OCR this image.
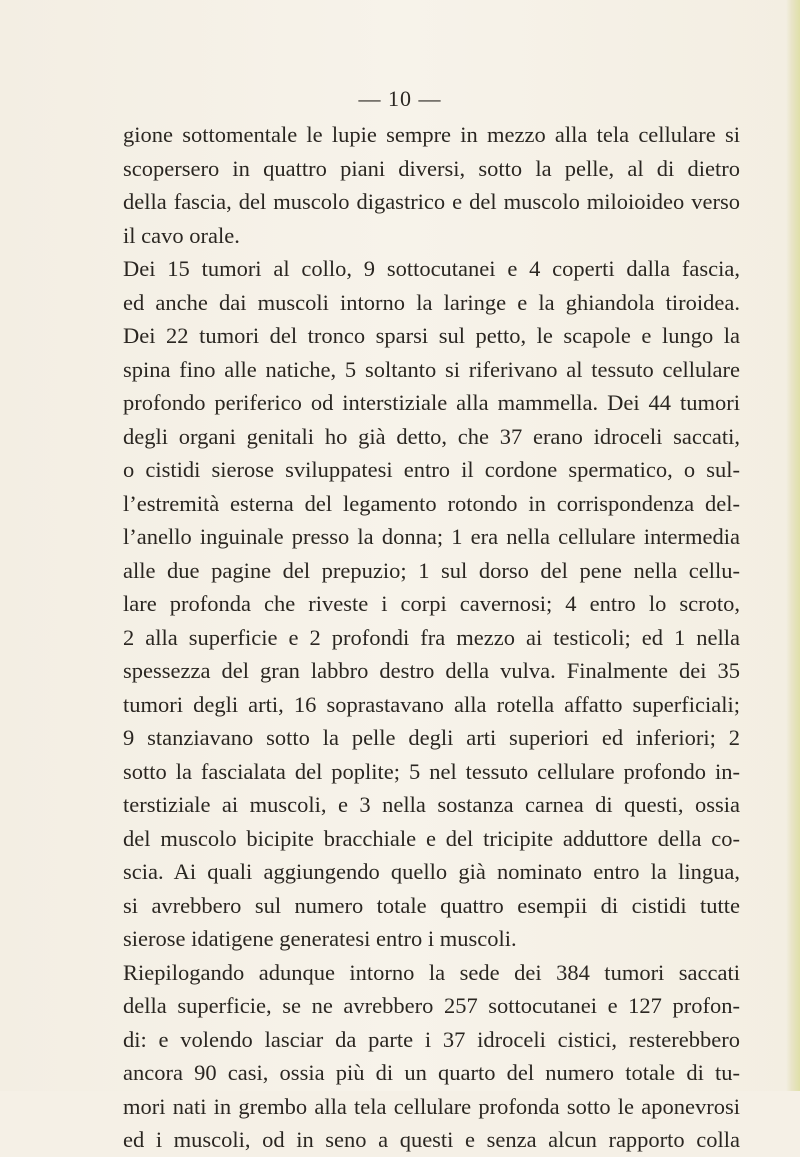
— 10 —
gione sottomentale le lupie sempre in mezzo alla tela cellulare si
scopersero in quattro piani diversi, sotto la pelle, al di dietro
della fascia, del muscolo digastrico e del muscolo miloioideo verso
il cavo orale.
Dei 15 tumori al collo, 9 sottocutanei e 4 coperti dalla fascia,
ed anche dai muscoli intorno la laringe e la ghiandola tiroidea.
Dei 22 tumori del tronco sparsi sul petto, le scapole e lungo la
spina fino alle natiche, 5 soltanto si riferivano al tessuto cellulare
profondo periferico od interstiziale alla mammella. Dei 44 tumori
degli organi genitali ho già detto, che 37 erano idroceli saccati,
o cistidi sierose sviluppatesi entro il cordone spermatico, o sul-
l’estremità esterna del legamento rotondo in corrispondenza del-
l’anello inguinale presso la donna; 1 era nella cellulare intermedia
alle due pagine del prepuzio; 1 sul dorso del pene nella cellu-
lare profonda che riveste i corpi cavernosi; 4 entro lo scroto,
2 alla superficie e 2 profondi fra mezzo ai testicoli; ed 1 nella
spessezza del gran labbro destro della vulva. Finalmente dei 35
tumori degli arti, 16 soprastavano alla rotella affatto superficiali;
9 stanziavano sotto la pelle degli arti superiori ed inferiori; 2
sotto la fascialata del poplite; 5 nel tessuto cellulare profondo in-
terstiziale ai muscoli, e 3 nella sostanza carnea di questi, ossia
del muscolo bicipite bracchiale e del tricipite adduttore della co-
scia. Ai quali aggiungendo quello già nominato entro la lingua,
si avrebbero sul numero totale quattro esempii di cistidi tutte
sierose idatigene generatesi entro i muscoli.
Riepilogando adunque intorno la sede dei 384 tumori saccati
della superficie, se ne avrebbero 257 sottocutanei e 127 profon-
di: e volendo lasciar da parte i 37 idroceli cistici, resterebbero
ancora 90 casi, ossia più di un quarto del numero totale di tu-
mori nati in grembo alla tela cellulare profonda sotto le aponevrosi
ed i muscoli, od in seno a questi e senza alcun rapporto colla
